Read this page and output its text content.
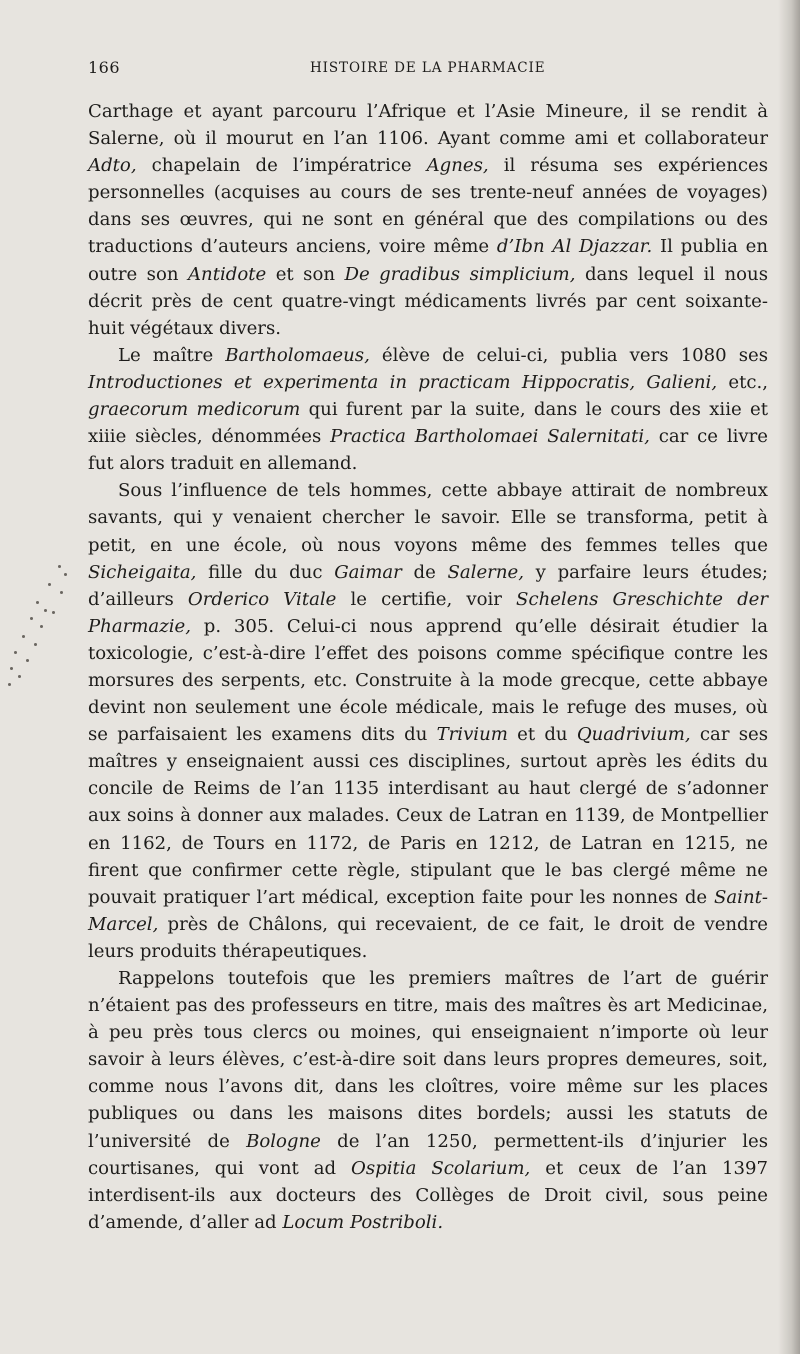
166	HISTOIRE DE LA PHARMACIE

Carthage et ayant parcouru l’Afrique et l’Asie Mineure, il se rendit à Salerne, où il mourut en l’an 1106. Ayant comme ami et collaborateur Adto, chapelain de l’impératrice Agnes, il résuma ses expériences personnelles (acquises au cours de ses trente-neuf années de voyages) dans ses œuvres, qui ne sont en général que des compilations ou des traductions d’auteurs anciens, voire même d’Ibn Al Djazzar. Il publia en outre son Antidote et son De gradibus simplicium, dans lequel il nous décrit près de cent quatre-vingt médicaments livrés par cent soixante-huit végétaux divers.

Le maître Bartholomaeus, élève de celui-ci, publia vers 1080 ses Introductiones et experimenta in practicam Hippocratis, Galieni, etc., graecorum medicorum qui furent par la suite, dans le cours des xiie et xiiie siècles, dénommées Practica Bartholomaei Salernitati, car ce livre fut alors traduit en allemand.

Sous l’influence de tels hommes, cette abbaye attirait de nombreux savants, qui y venaient chercher le savoir. Elle se transforma, petit à petit, en une école, où nous voyons même des femmes telles que Sicheigaita, fille du duc Gaimar de Salerne, y parfaire leurs études; d’ailleurs Orderico Vitale le certifie, voir Schelens Greschichte der Pharmazie, p. 305. Celui-ci nous apprend qu’elle désirait étudier la toxicologie, c’est-à-dire l’effet des poisons comme spécifique contre les morsures des serpents, etc. Construite à la mode grecque, cette abbaye devint non seulement une école médicale, mais le refuge des muses, où se parfaisaient les examens dits du Trivium et du Quadrivium, car ses maîtres y enseignaient aussi ces disciplines, surtout après les édits du concile de Reims de l’an 1135 interdisant au haut clergé de s’adonner aux soins à donner aux malades. Ceux de Latran en 1139, de Montpellier en 1162, de Tours en 1172, de Paris en 1212, de Latran en 1215, ne firent que confirmer cette règle, stipulant que le bas clergé même ne pouvait pratiquer l’art médical, exception faite pour les nonnes de Saint-Marcel, près de Châlons, qui recevaient, de ce fait, le droit de vendre leurs produits thérapeutiques.

Rappelons toutefois que les premiers maîtres de l’art de guérir n’étaient pas des professeurs en titre, mais des maîtres ès art Medicinae, à peu près tous clercs ou moines, qui enseignaient n’importe où leur savoir à leurs élèves, c’est-à-dire soit dans leurs propres demeures, soit, comme nous l’avons dit, dans les cloîtres, voire même sur les places publiques ou dans les maisons dites bordels; aussi les statuts de l’université de Bologne de l’an 1250, permettent-ils d’injurier les courtisanes, qui vont ad Ospitia Scolarium, et ceux de l’an 1397 interdisent-ils aux docteurs des Collèges de Droit civil, sous peine d’amende, d’aller ad Locum Postriboli.
